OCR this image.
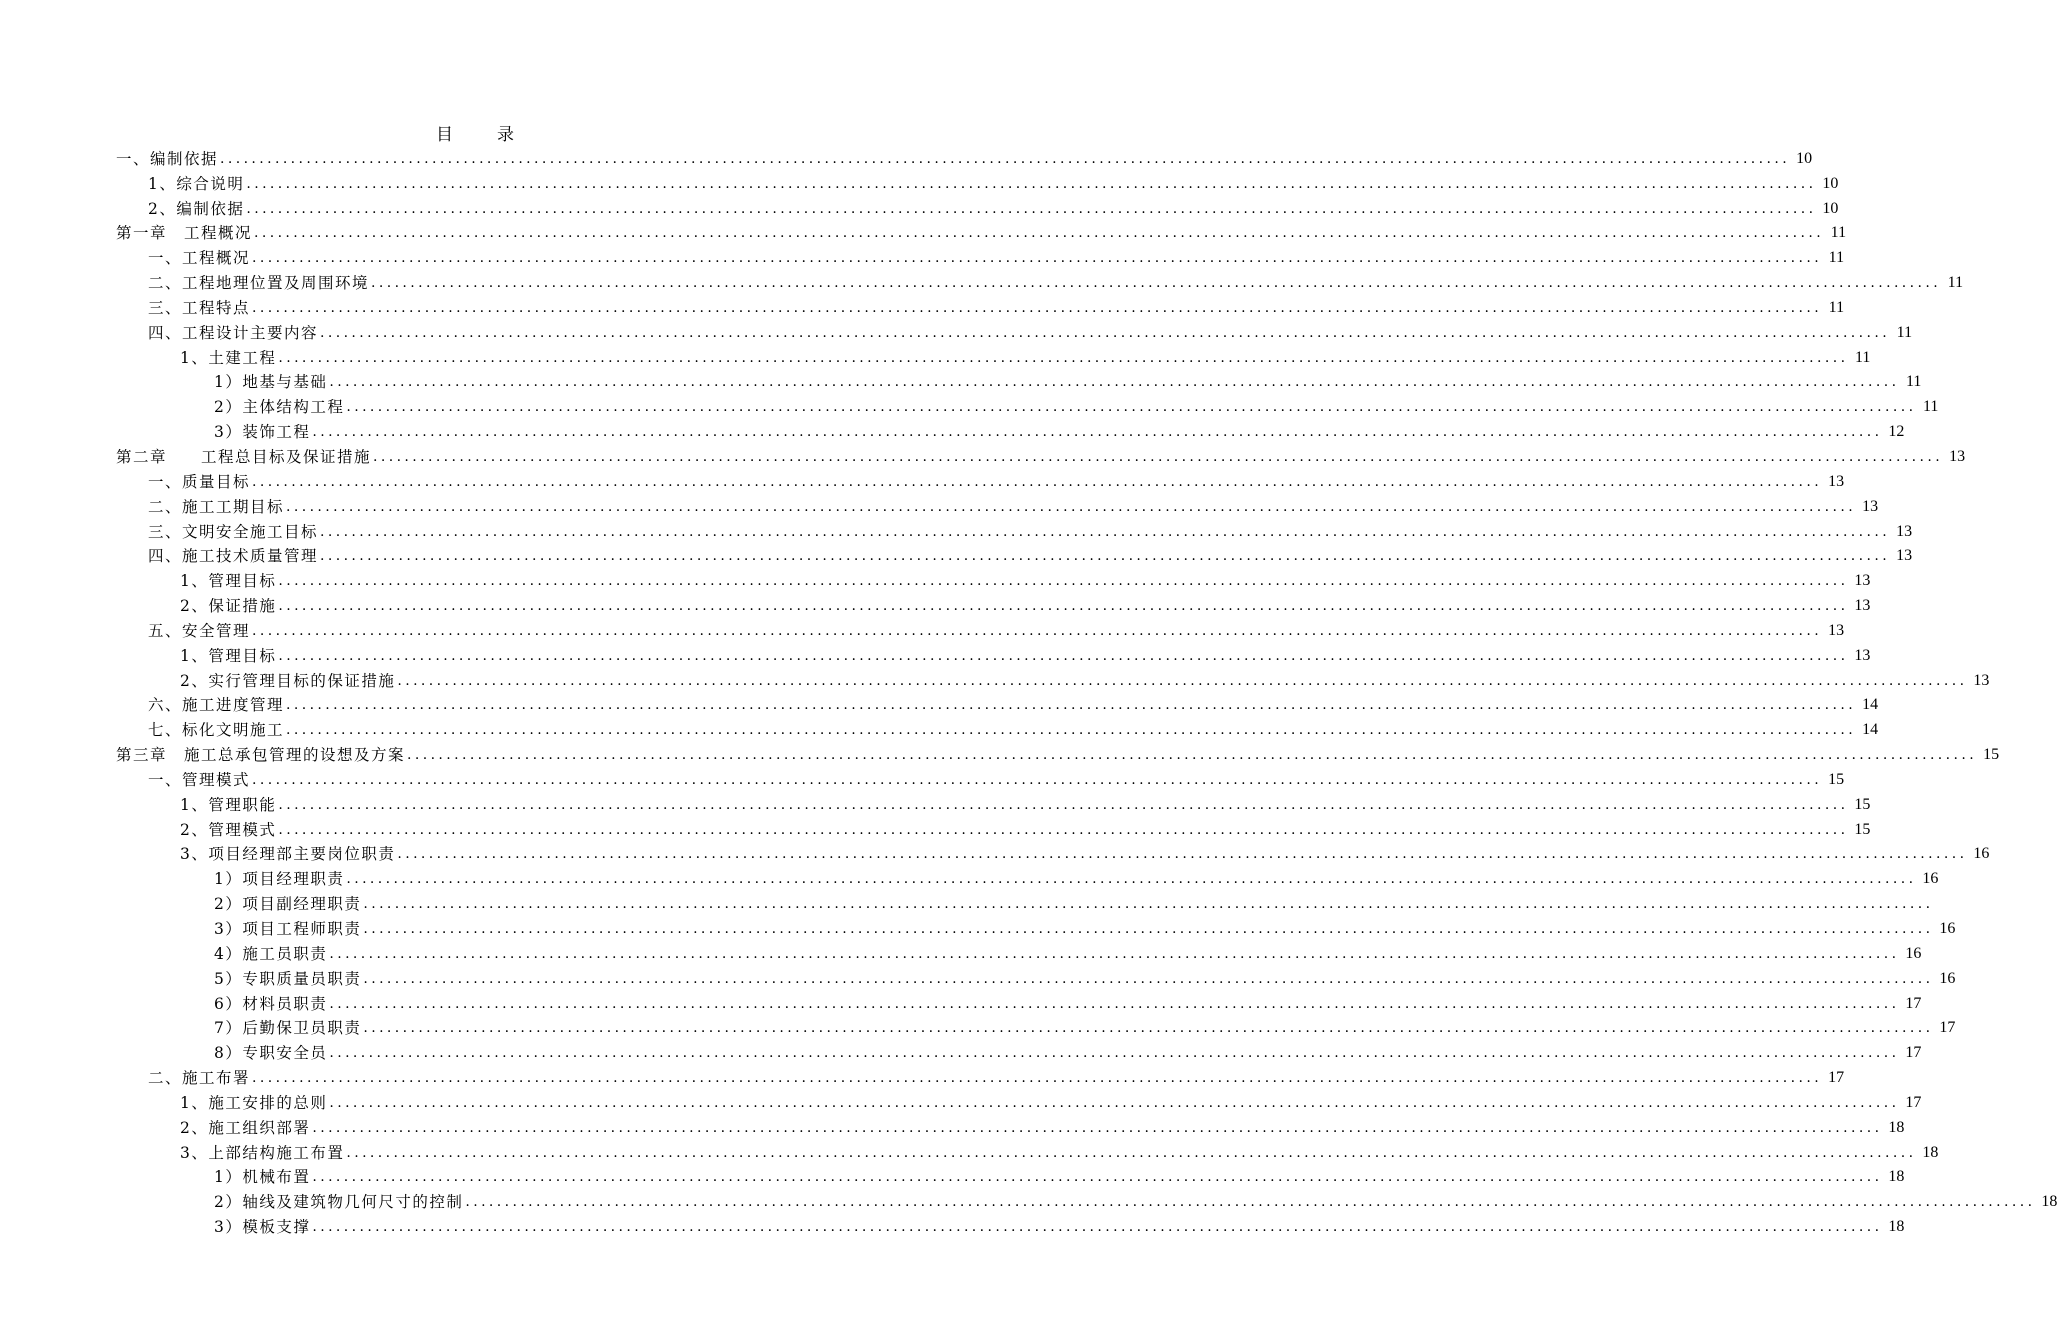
目录
一、编制依据 ........................................................................................................................................................................................................ 10
1、综合说明 ........................................................................................................................................................................................................ 10
2、编制依据 ........................................................................................................................................................................................................ 10
第一章　工程概况 ........................................................................................................................................................................................................ 11
一、工程概况 ........................................................................................................................................................................................................ 11
二、工程地理位置及周围环境 ........................................................................................................................................................................................................ 11
三、工程特点 ........................................................................................................................................................................................................ 11
四、工程设计主要内容 ........................................................................................................................................................................................................ 11
1、土建工程 ........................................................................................................................................................................................................ 11
1）地基与基础 ........................................................................................................................................................................................................ 11
2）主体结构工程 ........................................................................................................................................................................................................ 11
3）装饰工程 ........................................................................................................................................................................................................ 12
第二章　　工程总目标及保证措施 ........................................................................................................................................................................................................ 13
一、质量目标 ........................................................................................................................................................................................................ 13
二、施工工期目标 ........................................................................................................................................................................................................ 13
三、文明安全施工目标 ........................................................................................................................................................................................................ 13
四、施工技术质量管理 ........................................................................................................................................................................................................ 13
1、管理目标 ........................................................................................................................................................................................................ 13
2、保证措施 ........................................................................................................................................................................................................ 13
五、安全管理 ........................................................................................................................................................................................................ 13
1、管理目标 ........................................................................................................................................................................................................ 13
2、实行管理目标的保证措施 ........................................................................................................................................................................................................ 13
六、施工进度管理 ........................................................................................................................................................................................................ 14
七、标化文明施工 ........................................................................................................................................................................................................ 14
第三章　施工总承包管理的设想及方案 ........................................................................................................................................................................................................ 15
一、管理模式 ........................................................................................................................................................................................................ 15
1、管理职能 ........................................................................................................................................................................................................ 15
2、管理模式 ........................................................................................................................................................................................................ 15
3、项目经理部主要岗位职责 ........................................................................................................................................................................................................ 16
1）项目经理职责 ........................................................................................................................................................................................................ 16
2）项目副经理职责 ........................................................................................................................................................................................................
3）项目工程师职责 ........................................................................................................................................................................................................ 16
4）施工员职责 ........................................................................................................................................................................................................ 16
5）专职质量员职责 ........................................................................................................................................................................................................ 16
6）材料员职责 ........................................................................................................................................................................................................ 17
7）后勤保卫员职责 ........................................................................................................................................................................................................ 17
8）专职安全员 ........................................................................................................................................................................................................ 17
二、施工布署 ........................................................................................................................................................................................................ 17
1、施工安排的总则 ........................................................................................................................................................................................................ 17
2、施工组织部署 ........................................................................................................................................................................................................ 18
3、上部结构施工布置 ........................................................................................................................................................................................................ 18
1）机械布置 ........................................................................................................................................................................................................ 18
2）轴线及建筑物几何尺寸的控制 ........................................................................................................................................................................................................ 18
3）模板支撑 ........................................................................................................................................................................................................ 18
